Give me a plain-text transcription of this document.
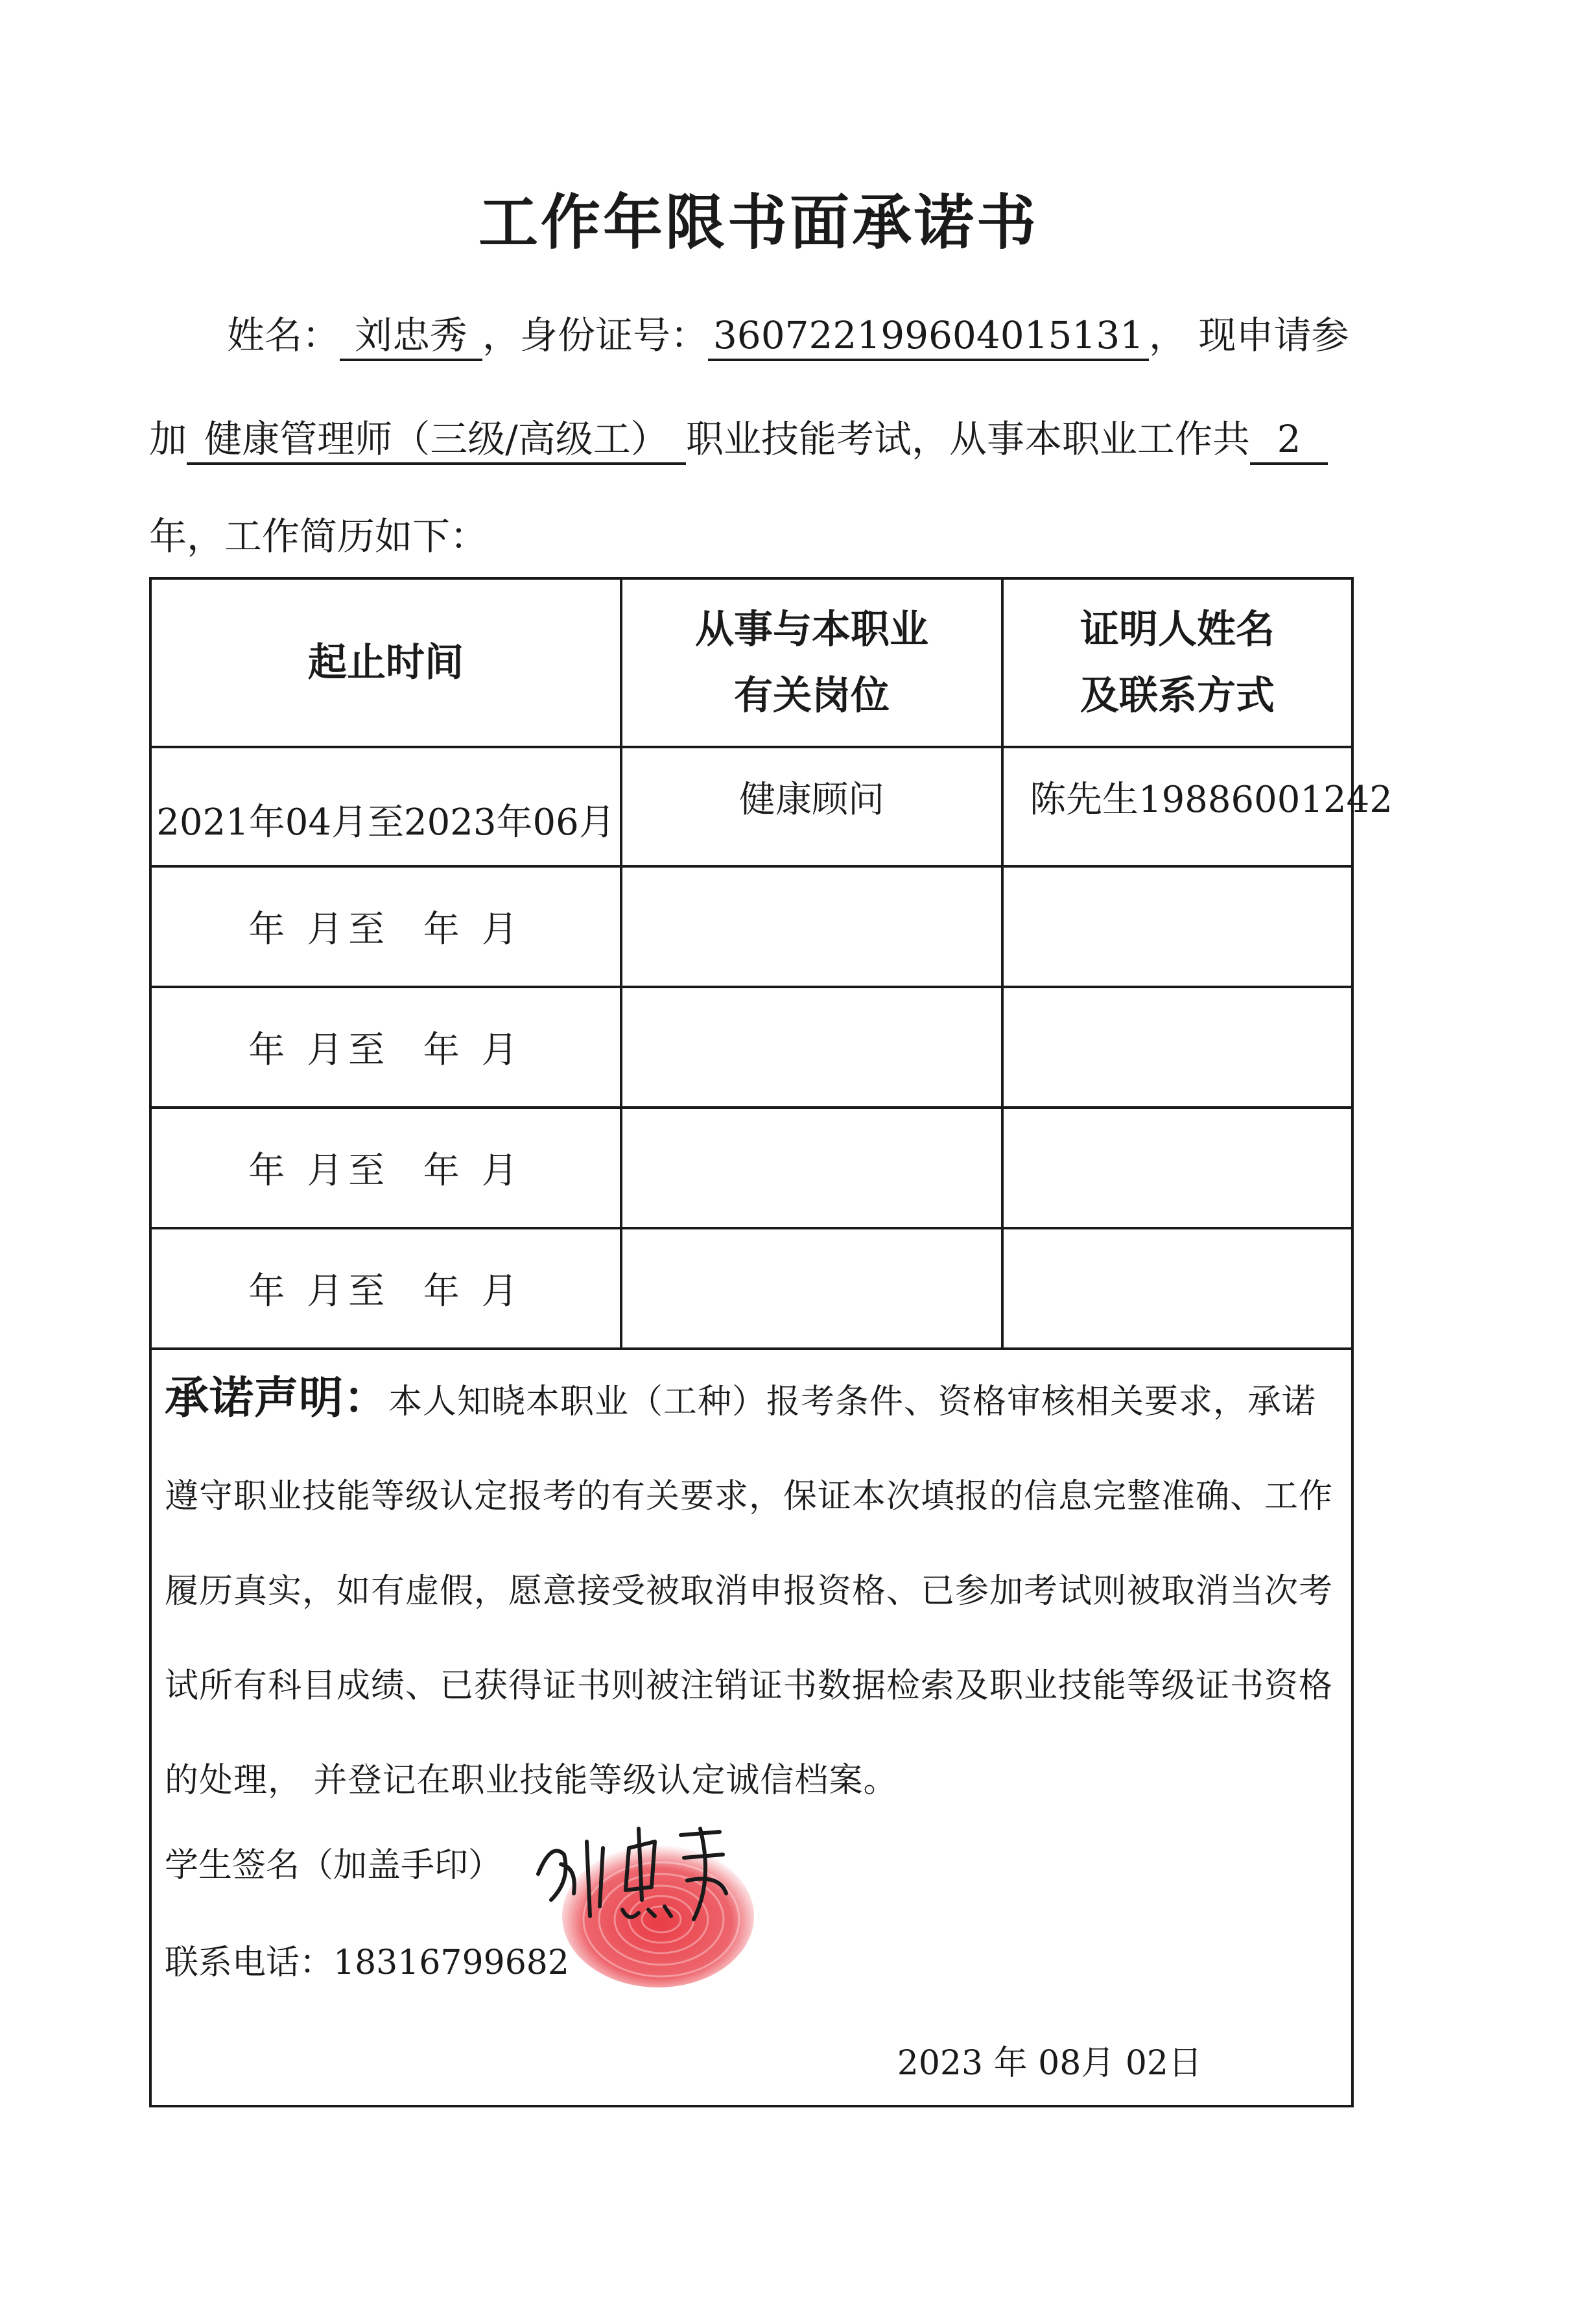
工作年限书面承诺书
姓名： 刘忠秀 ，身份证号： 360722199604015131 ， 现申请参
加 健康管理师（三级/高级工） 职业技能考试，从事本职业工作共 2
年，工作简历如下：
起止时间
从事与本职业
有关岗位
证明人姓名
及联系方式
2021年04月至2023年06月
健康顾问	陈先生19886001242
年 月至  年 月
年 月至  年 月
年 月至  年 月
年 月至  年 月
承诺声明：本人知晓本职业（工种）报考条件、资格审核相关要求，承诺遵守职业技能等级认定报考的有关要求，保证本次填报的信息完整准确、工作履历真实，如有虚假，愿意接受被取消申报资格、已参加考试则被取消当次考试所有科目成绩、已获得证书则被注销证书数据检索及职业技能等级证书资格的处理， 并登记在职业技能等级认定诚信档案。
学生签名（加盖手印）
联系电话：18316799682
2023 年 08月 02日
